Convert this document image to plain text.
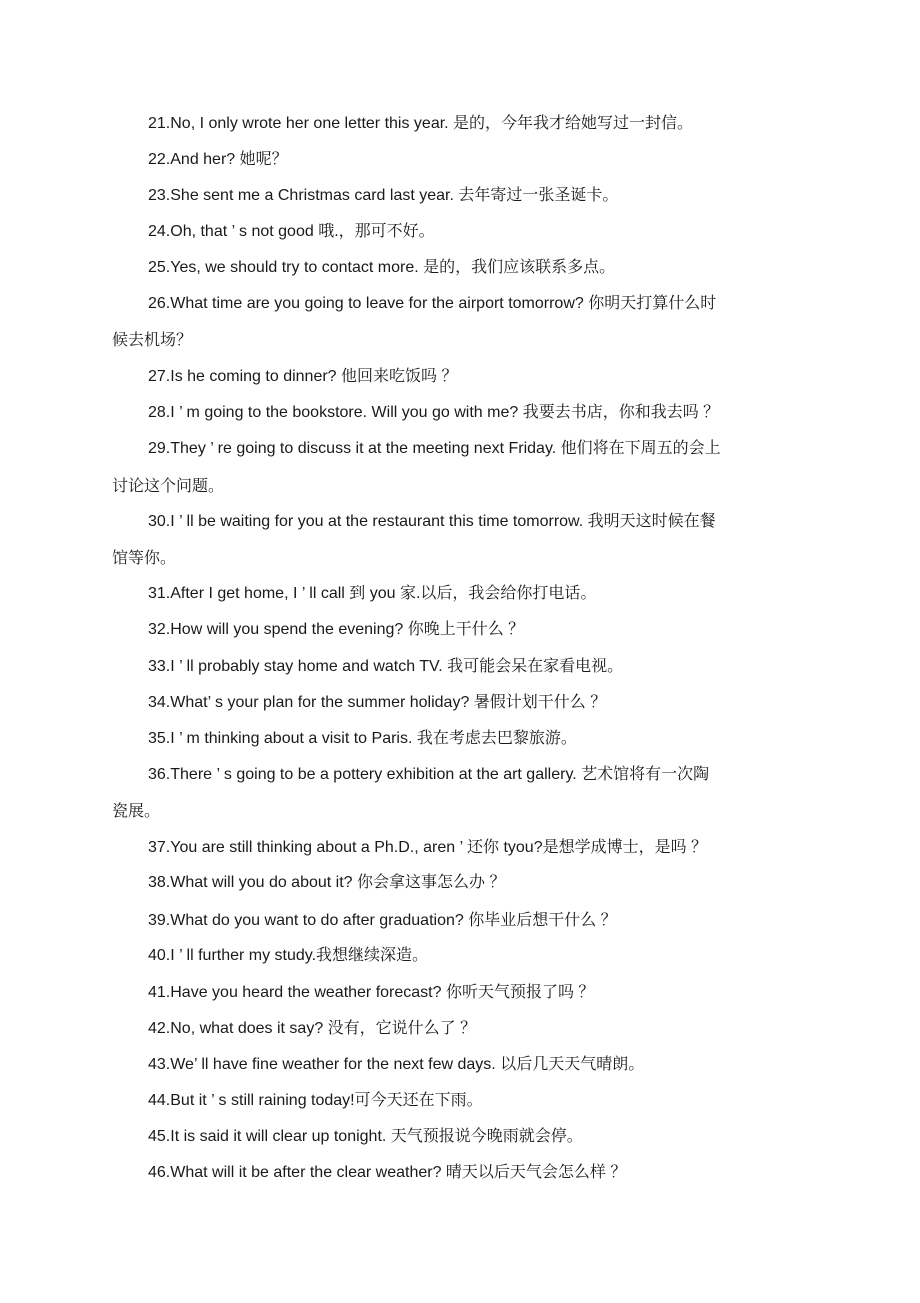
21.No, I only wrote her one letter this year. 是的，今年我才给她写过一封信。
22.And her? 她呢？
23.She sent me a Christmas card last year. 去年寄过一张圣诞卡。
24.Oh, that ’ s not good 哦.，那可不好。
25.Yes, we should try to contact more. 是的，我们应该联系多点。
26.What time are you going to leave for the airport tomorrow? 你明天打算什么时
候去机场？
27.Is he coming to dinner? 他回来吃饭吗 ？
28.I ’ m going to the bookstore. Will you go with me? 我要去书店，你和我去吗 ？
29.They ’ re going to discuss it at the meeting next Friday. 他们将在下周五的会上
讨论这个问题。
30.I ’ ll be waiting for you at the restaurant this time tomorrow. 我明天这时候在餐
馆等你。
31.After I get home, I ’ ll call 到 you 家.以后，我会给你打电话。
32.How will you spend the evening? 你晚上干什么 ？
33.I ’ ll probably stay home and watch TV. 我可能会呆在家看电视。
34.What’ s your plan for the summer holiday? 暑假计划干什么 ？
35.I ’ m thinking about a visit to Paris. 我在考虑去巴黎旅游。
36.There ’ s going to be a pottery exhibition at the art gallery. 艺术馆将有一次陶
瓷展。
37.You are still thinking about a Ph.D., aren ’ 还你 tyou?是想学成博士，是吗 ？
38.What will you do about it? 你会拿这事怎么办 ？
39.What do you want to do after graduation? 你毕业后想干什么 ？
40.I ’ ll further my study.我想继续深造。
41.Have you heard the weather forecast? 你听天气预报了吗 ？
42.No, what does it say? 没有，它说什么了 ？
43.We’ ll have fine weather for the next few days. 以后几天天气晴朗。
44.But it ’ s still raining today!可今天还在下雨。
45.It is said it will clear up tonight. 天气预报说今晚雨就会停。
46.What will it be after the clear weather? 晴天以后天气会怎么样 ？
